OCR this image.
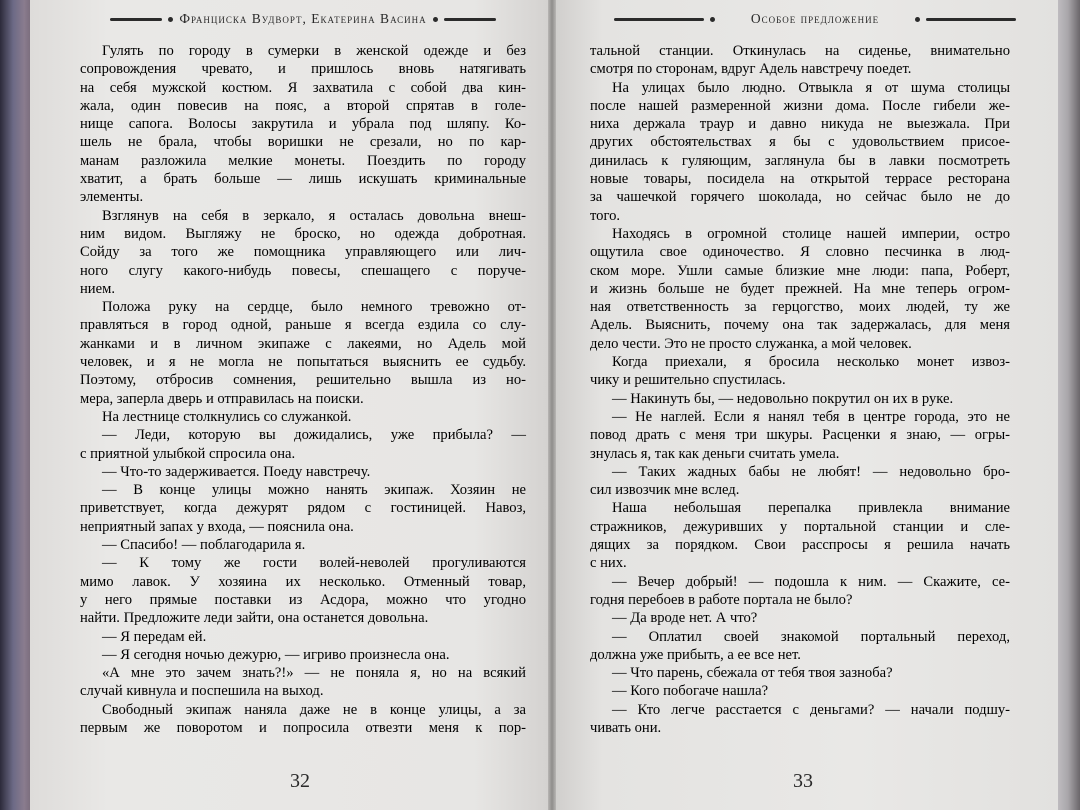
Франциска Вудворт, Екатерина Васина	Особое предложение

Гулять по городу в сумерки в женской одежде и без

сопровождения чревато, и пришлось вновь натягивать

на себя мужской костюм. Я захватила с собой два кин-

жала, один повесив на пояс, а второй спрятав в голе-

нище сапога. Волосы закрутила и убрала под шляпу. Ко-

шель не брала, чтобы воришки не срезали, но по кар-

манам разложила мелкие монеты. Поездить по городу

хватит, а брать больше — лишь искушать криминальные

элементы.

Взглянув на себя в зеркало, я осталась довольна внеш-

ним видом. Выгляжу не броско, но одежда добротная.

Сойду за того же помощника управляющего или лич-

ного слугу какого-нибудь повесы, спешащего с поруче-

нием.

Положа руку на сердце, было немного тревожно от-

правляться в город одной, раньше я всегда ездила со слу-

жанками и в личном экипаже с лакеями, но Адель мой

человек, и я не могла не попытаться выяснить ее судьбу.

Поэтому, отбросив сомнения, решительно вышла из но-

мера, заперла дверь и отправилась на поиски.

На лестнице столкнулись со служанкой.

— Леди, которую вы дожидались, уже прибыла? —

с приятной улыбкой спросила она.

— Что-то задерживается. Поеду навстречу.

— В конце улицы можно нанять экипаж. Хозяин не

приветствует, когда дежурят рядом с гостиницей. Навоз,

неприятный запах у входа, — пояснила она.

— Спасибо! — поблагодарила я.

— К тому же гости волей-неволей прогуливаются

мимо лавок. У хозяина их несколько. Отменный товар,

у него прямые поставки из Асдора, можно что угодно

найти. Предложите леди зайти, она останется довольна.

— Я передам ей.

— Я сегодня ночью дежурю, — игриво произнесла она.

«А мне это зачем знать?!» — не поняла я, но на всякий

случай кивнула и поспешила на выход.

Свободный экипаж наняла даже не в конце улицы, а за

первым же поворотом и попросила отвезти меня к пор-

тальной станции. Откинулась на сиденье, внимательно

смотря по сторонам, вдруг Адель навстречу поедет.

На улицах было людно. Отвыкла я от шума столицы

после нашей размеренной жизни дома. После гибели же-

ниха держала траур и давно никуда не выезжала. При

других обстоятельствах я бы с удовольствием присое-

динилась к гуляющим, заглянула бы в лавки посмотреть

новые товары, посидела на открытой террасе ресторана

за чашечкой горячего шоколада, но сейчас было не до

того.

Находясь в огромной столице нашей империи, остро

ощутила свое одиночество. Я словно песчинка в люд-

ском море. Ушли самые близкие мне люди: папа, Роберт,

и жизнь больше не будет прежней. На мне теперь огром-

ная ответственность за герцогство, моих людей, ту же

Адель. Выяснить, почему она так задержалась, для меня

дело чести. Это не просто служанка, а мой человек.

Когда приехали, я бросила несколько монет извоз-

чику и решительно спустилась.

— Накинуть бы, — недовольно покрутил он их в руке.

— Не наглей. Если я нанял тебя в центре города, это не

повод драть с меня три шкуры. Расценки я знаю, — огры-

знулась я, так как деньги считать умела.

— Таких жадных бабы не любят! — недовольно бро-

сил извозчик мне вслед.

Наша небольшая перепалка привлекла внимание

стражников, дежуривших у портальной станции и сле-

дящих за порядком. Свои расспросы я решила начать

с них.

— Вечер добрый! — подошла к ним. — Скажите, се-

годня перебоев в работе портала не было?

— Да вроде нет. А что?

— Оплатил своей знакомой портальный переход,

должна уже прибыть, а ее все нет.

— Что парень, сбежала от тебя твоя зазноба?

— Кого побогаче нашла?

— Кто легче расстается с деньгами? — начали подшу-

чивать они.

32	33
